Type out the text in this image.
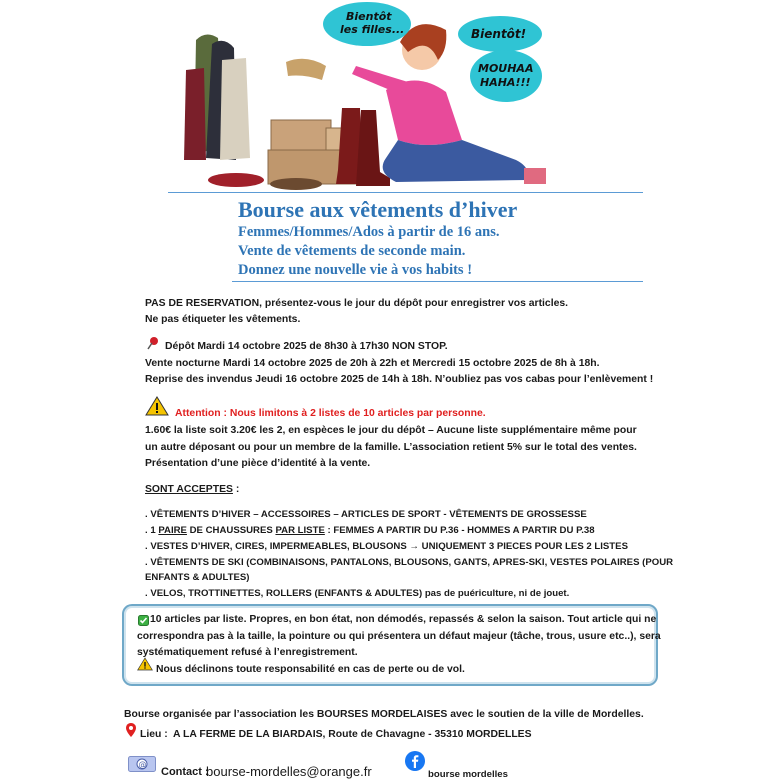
Bientôt
les filles...	Bientôt!
MOUHAA
HAHA!!!
Bourse aux vêtements d’hiver
Femmes/Hommes/Ados à partir de 16 ans.
Vente de vêtements de seconde main.
Donnez une nouvelle vie à vos habits !
PAS DE RESERVATION, présentez-vous le jour du dépôt pour enregistrer vos articles.
Ne pas étiqueter les vêtements.
Dépôt Mardi 14 octobre 2025 de 8h30 à 17h30 NON STOP.
Vente nocturne Mardi 14 octobre 2025 de 20h à 22h et Mercredi 15 octobre 2025 de 8h à 18h.
Reprise des invendus Jeudi 16 octobre 2025 de 14h à 18h. N’oubliez pas vos cabas pour l’enlèvement !
Attention : Nous limitons à 2 listes de 10 articles par personne.
1.60€ la liste soit 3.20€ les 2, en espèces le jour du dépôt – Aucune liste supplémentaire même pour
un autre déposant ou pour un membre de la famille. L’association retient 5% sur le total des ventes.
Présentation d’une pièce d’identité à la vente.
SONT ACCEPTES :
. VÊTEMENTS D’HIVER – ACCESSOIRES – ARTICLES DE SPORT - VÊTEMENTS DE GROSSESSE
. 1 PAIRE DE CHAUSSURES PAR LISTE : FEMMES A PARTIR DU P.36 - HOMMES A PARTIR DU P.38
. VESTES D’HIVER, CIRES, IMPERMEABLES, BLOUSONS → UNIQUEMENT 3 PIECES POUR LES 2 LISTES
. VÊTEMENTS DE SKI (COMBINAISONS, PANTALONS, BLOUSONS, GANTS, APRES-SKI, VESTES POLAIRES (POUR
ENFANTS & ADULTES)
. VELOS, TROTTINETTES, ROLLERS (ENFANTS & ADULTES) pas de puériculture, ni de jouet.
10 articles par liste. Propres, en bon état, non démodés, repassés & selon la saison. Tout article qui ne
correspondra pas à la taille, la pointure ou qui présentera un défaut majeur (tâche, trous, usure etc..), sera
systématiquement refusé à l’enregistrement.
Nous déclinons toute responsabilité en cas de perte ou de vol.
Bourse organisée par l’association les BOURSES MORDELAISES avec le soutien de la ville de Mordelles.
Lieu : A LA FERME DE LA BIARDAIS, Route de Chavagne - 35310 MORDELLES
@
Contact :
bourse-mordelles@orange.fr	bourse mordelles
